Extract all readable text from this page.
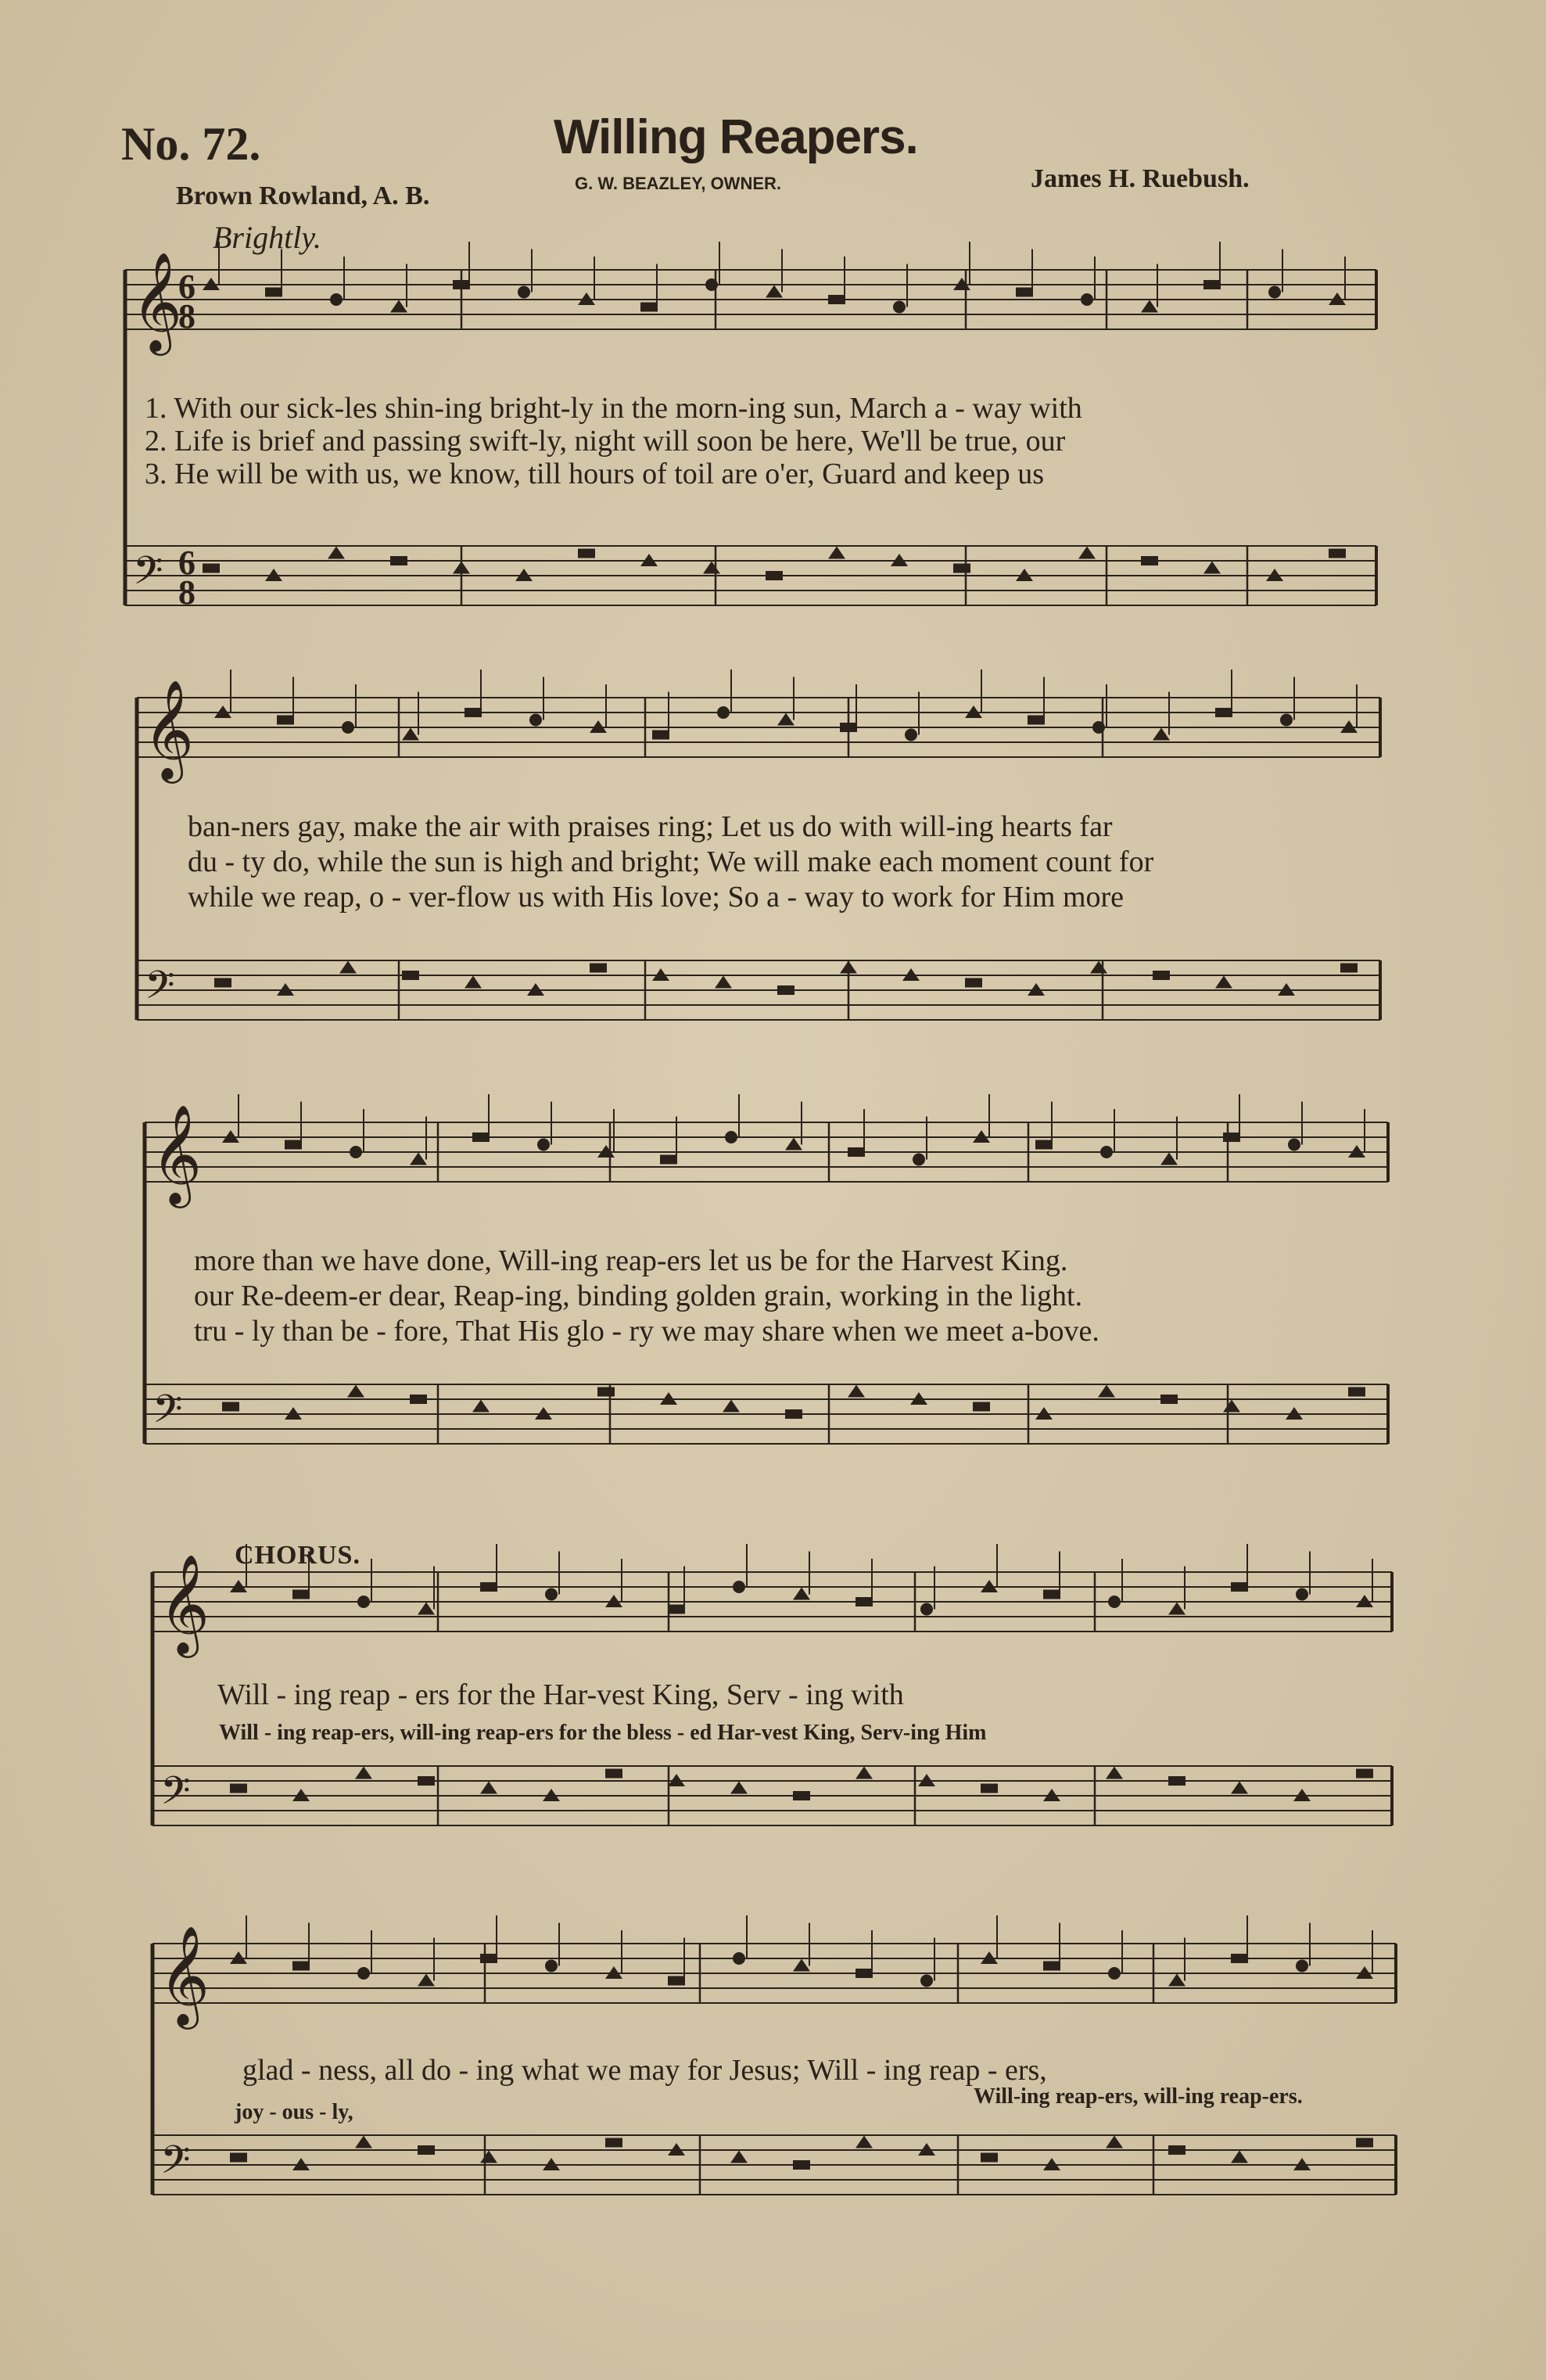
No. 72.	Willing Reapers.
Brown Rowland, A. B.	G. W. BEAZLEY, OWNER.	James H. Ruebush.
Brightly.
𝄞
𝄢
𝄞
𝄢
𝄞
𝄢
𝄞
𝄢
𝄞
𝄢
6
6
8
8
1. With our sick-les shin-ing bright-ly in the morn-ing sun, March a - way with
2. Life is brief and passing swift-ly, night will soon be here, We'll be true, our
3. He will be with us, we know, till hours of toil are o'er, Guard and keep us
ban-ners gay, make the air with praises ring; Let us do with will-ing hearts far
du - ty do, while the sun is high and bright; We will make each moment count for
while we reap, o - ver-flow us with His love; So a - way to work for Him more
more than we have done, Will-ing reap-ers let us be for the Harvest King.
our Re-deem-er dear, Reap-ing, binding golden grain, working in the light.
tru - ly than be - fore, That His glo - ry we may share when we meet a-bove.
CHORUS.
Will - ing reap - ers for the Har-vest King, Serv - ing with
Will - ing reap-ers, will-ing reap-ers for the bless - ed Har-vest King, Serv-ing Him
glad - ness, all do - ing what we may for Jesus; Will - ing reap - ers,
joy - ous - ly,
Will-ing reap-ers, will-ing reap-ers.
